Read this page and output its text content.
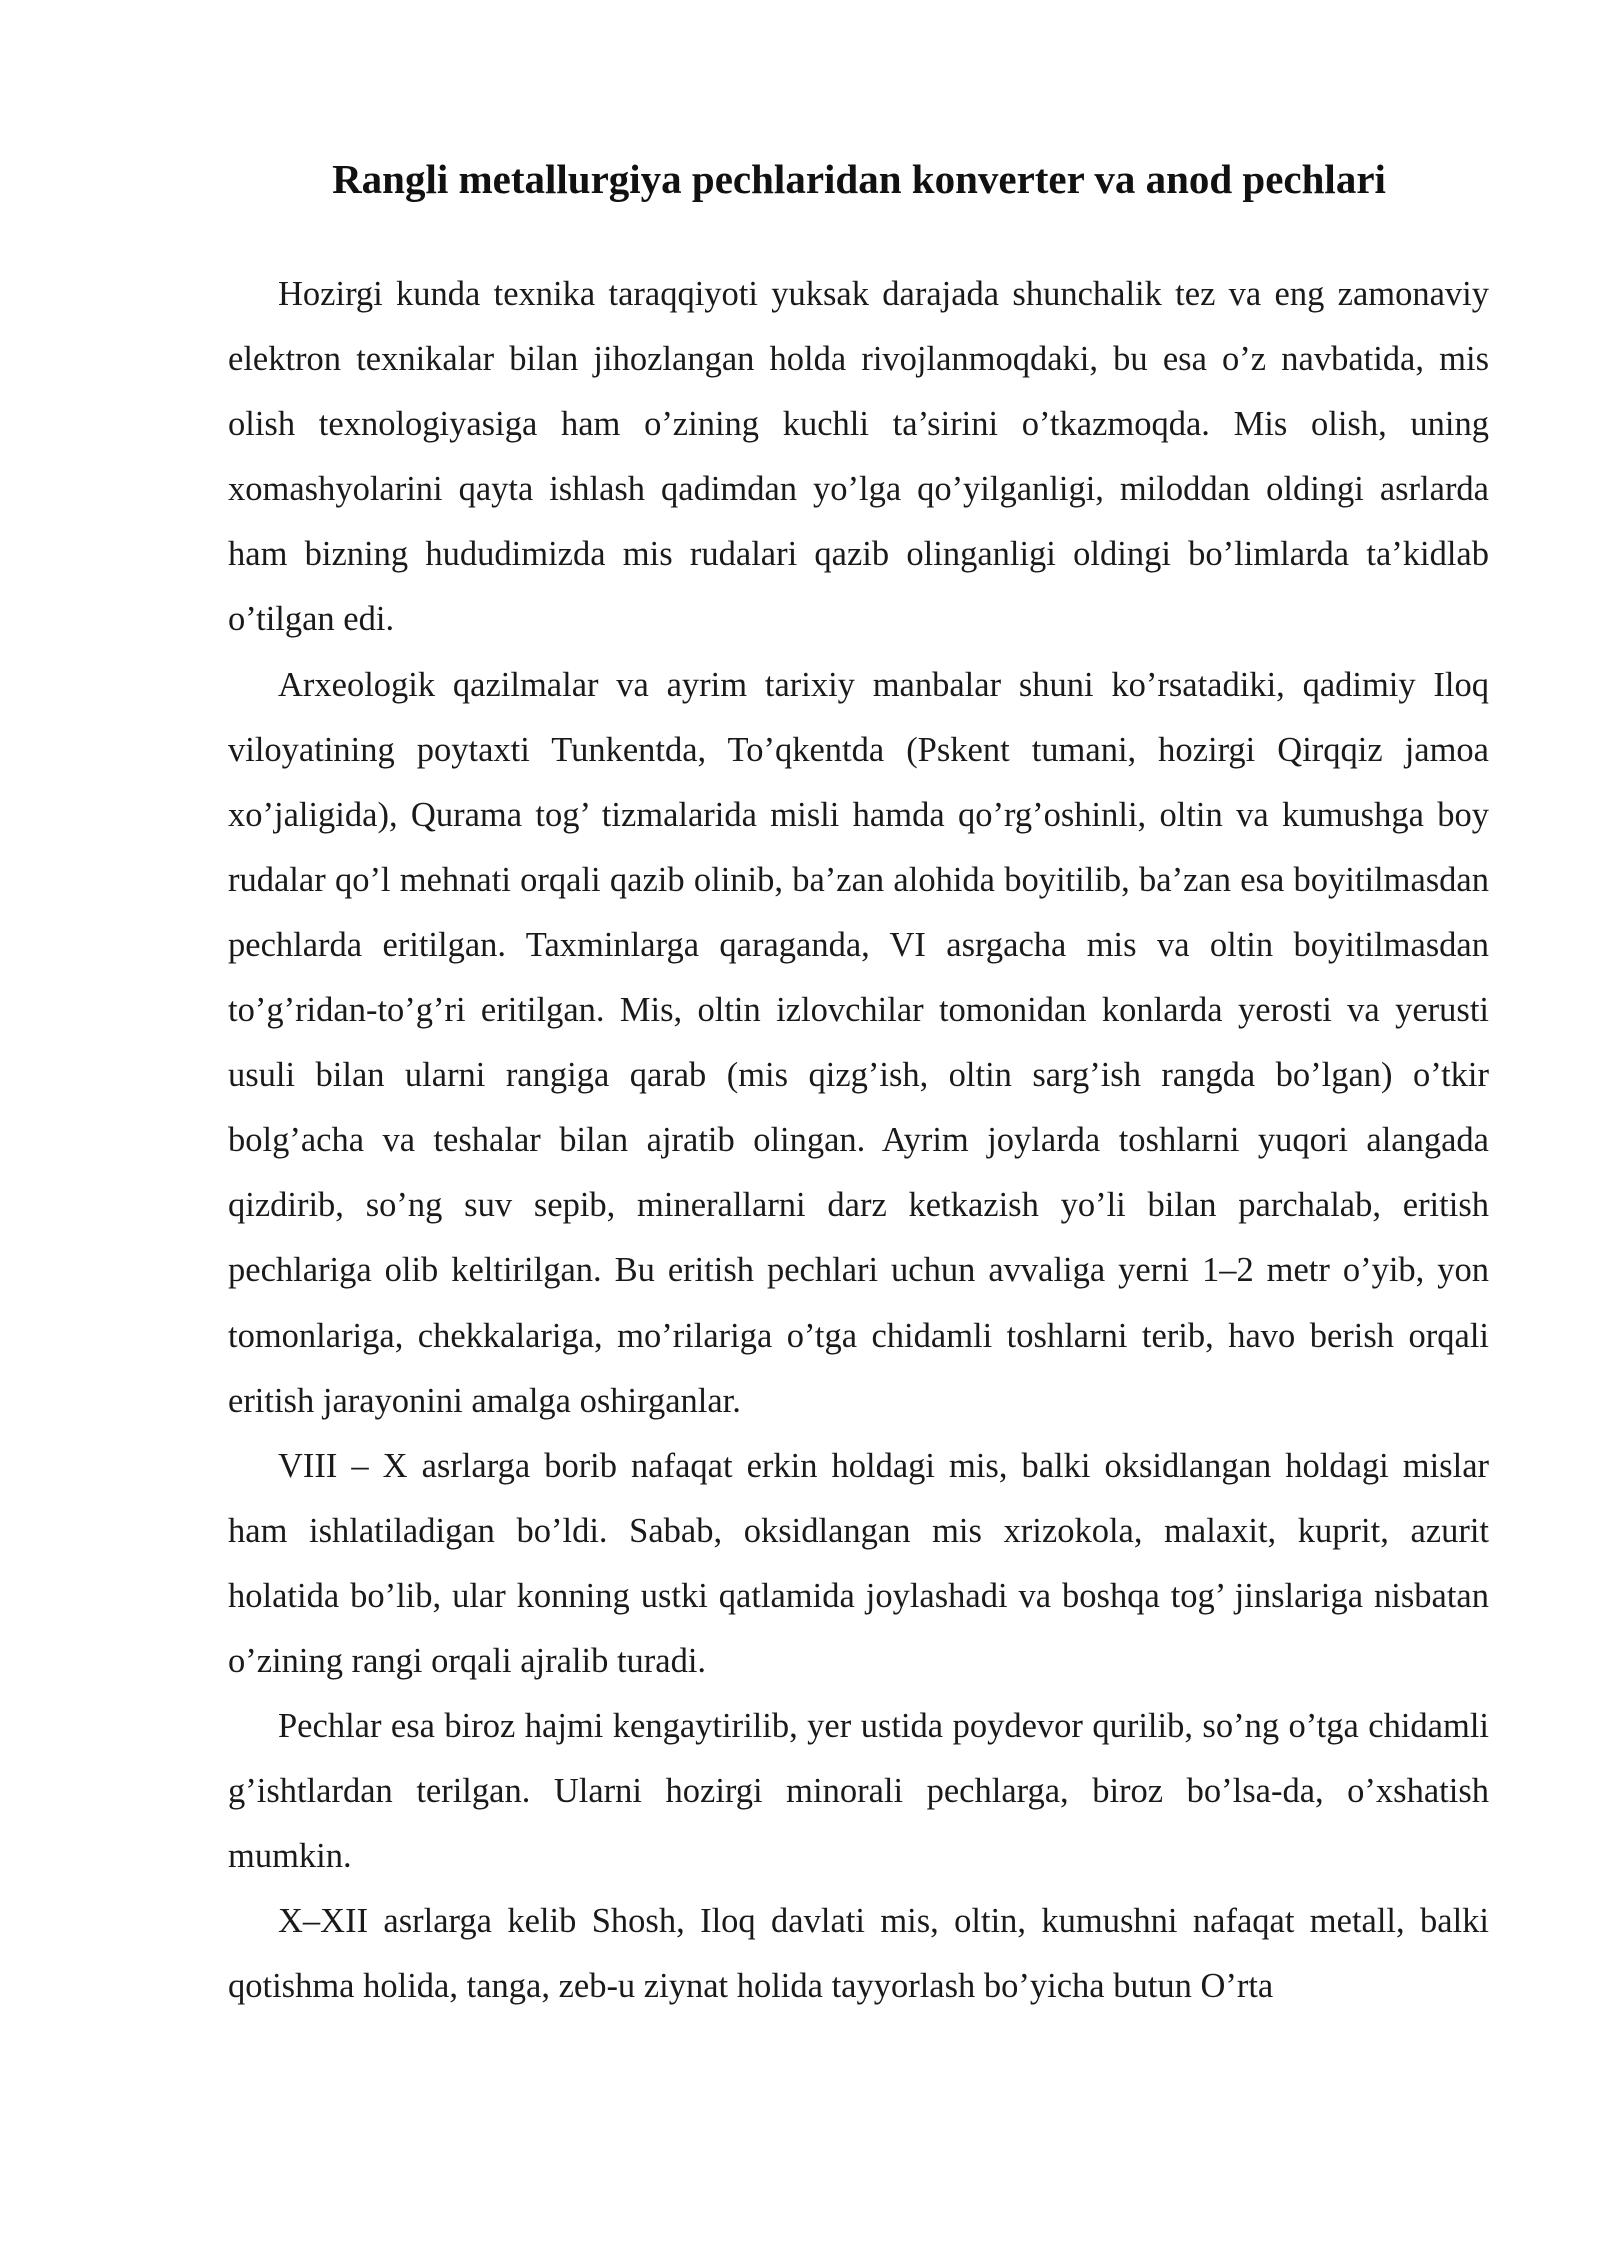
Rangli metallurgiya pechlaridan konverter va anod pechlari

Hozirgi kunda texnika taraqqiyoti yuksak darajada shunchalik tez va eng zamonaviy elektron texnikalar bilan jihozlangan holda rivojlanmoqdaki, bu esa o’z navbatida, mis olish texnologiyasiga ham o’zining kuchli ta’sirini o’tkazmoqda. Mis olish, uning xomashyolarini qayta ishlash qadimdan yo’lga qo’yilganligi, miloddan oldingi asrlarda ham bizning hududimizda mis rudalari qazib olinganligi oldingi bo’limlarda ta’kidlab o’tilgan edi.

Arxeologik qazilmalar va ayrim tarixiy manbalar shuni ko’rsatadiki, qadimiy Iloq viloyatining poytaxti Tunkentda, To’qkentda (Pskent tumani, hozirgi Qirqqiz jamoa xo’jaligida), Qurama tog’ tizmalarida misli hamda qo’rg’oshinli, oltin va kumushga boy rudalar qo’l mehnati orqali qazib olinib, ba’zan alohida boyitilib, ba’zan esa boyitilmasdan pechlarda eritilgan. Taxminlarga qaraganda, VI asrgacha mis va oltin boyitilmasdan to’g’ridan-to’g’ri eritilgan. Mis, oltin izlovchilar tomonidan konlarda yerosti va yerusti usuli bilan ularni rangiga qarab (mis qizg’ish, oltin sarg’ish rangda bo’lgan) o’tkir bolg’acha va teshalar bilan ajratib olingan. Ayrim joylarda toshlarni yuqori alangada qizdirib, so’ng suv sepib, minerallarni darz ketkazish yo’li bilan parchalab, eritish pechlariga olib keltirilgan. Bu eritish pechlari uchun avvaliga yerni 1–2 metr o’yib, yon tomonlariga, chekkalariga, mo’rilariga o’tga chidamli toshlarni terib, havo berish orqali eritish jarayonini amalga oshirganlar.

VIII – X asrlarga borib nafaqat erkin holdagi mis, balki oksidlangan holdagi mislar ham ishlatiladigan bo’ldi. Sabab, oksidlangan mis xrizokola, malaxit, kuprit, azurit holatida bo’lib, ular konning ustki qatlamida joylashadi va boshqa tog’ jinslariga nisbatan o’zining rangi orqali ajralib turadi.

Pechlar esa biroz hajmi kengaytirilib, yer ustida poydevor qurilib, so’ng o’tga chidamli g’ishtlardan terilgan. Ularni hozirgi minorali pechlarga, biroz bo’lsa-da, o’xshatish mumkin.

X–XII asrlarga kelib Shosh, Iloq davlati mis, oltin, kumushni nafaqat metall, balki qotishma holida, tanga, zeb-u ziynat holida tayyorlash bo’yicha butun O’rta
